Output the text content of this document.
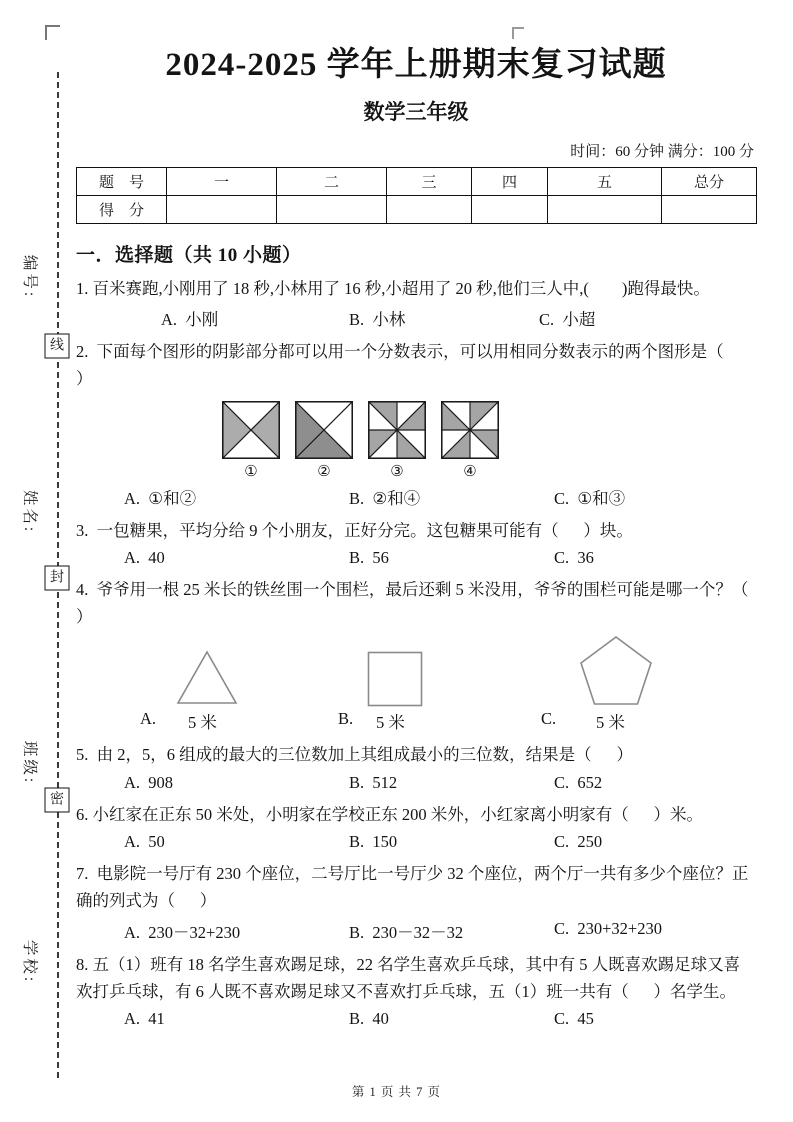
编号:
姓名:
班级:
学校:
线
封
密
2024-2025 学年上册期末复习试题
数学三年级
时间：60 分钟 满分：100 分
题　号	一	二	三	四	五	总分
得　分						
一．选择题（共 10 小题）

1. 百米赛跑,小刚用了 18 秒,小林用了 16 秒,小超用了 20 秒,他们三人中,(        )跑得最快。

A.  小刚	B.  小林	C.  小超

2.  下面每个图形的阴影部分都可以用一个分数表示，可以用相同分数表示的两个图形是（      ）

①	②	③	④
A.  ①和②	B.  ②和④	C.  ①和③

3.  一包糖果，平均分给 9 个小朋友，正好分完。这包糖果可能有（      ）块。

A.  40	B.  56	C.  36

4.  爷爷用一根 25 米长的铁丝围一个围栏，最后还剩 5 米没用，爷爷的围栏可能是哪一个？（      ）

A. 5 米	B. 5 米	C. 5 米

5.  由 2，5，6 组成的最大的三位数加上其组成最小的三位数，结果是（      ）

A.  908	B.  512	C.  652

6. 小红家在正东 50 米处，小明家在学校正东 200 米外，小红家离小明家有（      ）米。

A.  50	B.  150	C.  250

7.  电影院一号厅有 230 个座位，二号厅比一号厅少 32 个座位，两个厅一共有多少个座位？正确的列式为（      ）

A.  230－32+230	B.  230－32－32	C.  230+32+230

8. 五（1）班有 18 名学生喜欢踢足球，22 名学生喜欢乒乓球，其中有 5 人既喜欢踢足球又喜欢打乒乓球，有 6 人既不喜欢踢足球又不喜欢打乒乓球，五（1）班一共有（      ）名学生。

A.  41	B.  40	C.  45
第 1 页 共 7 页
